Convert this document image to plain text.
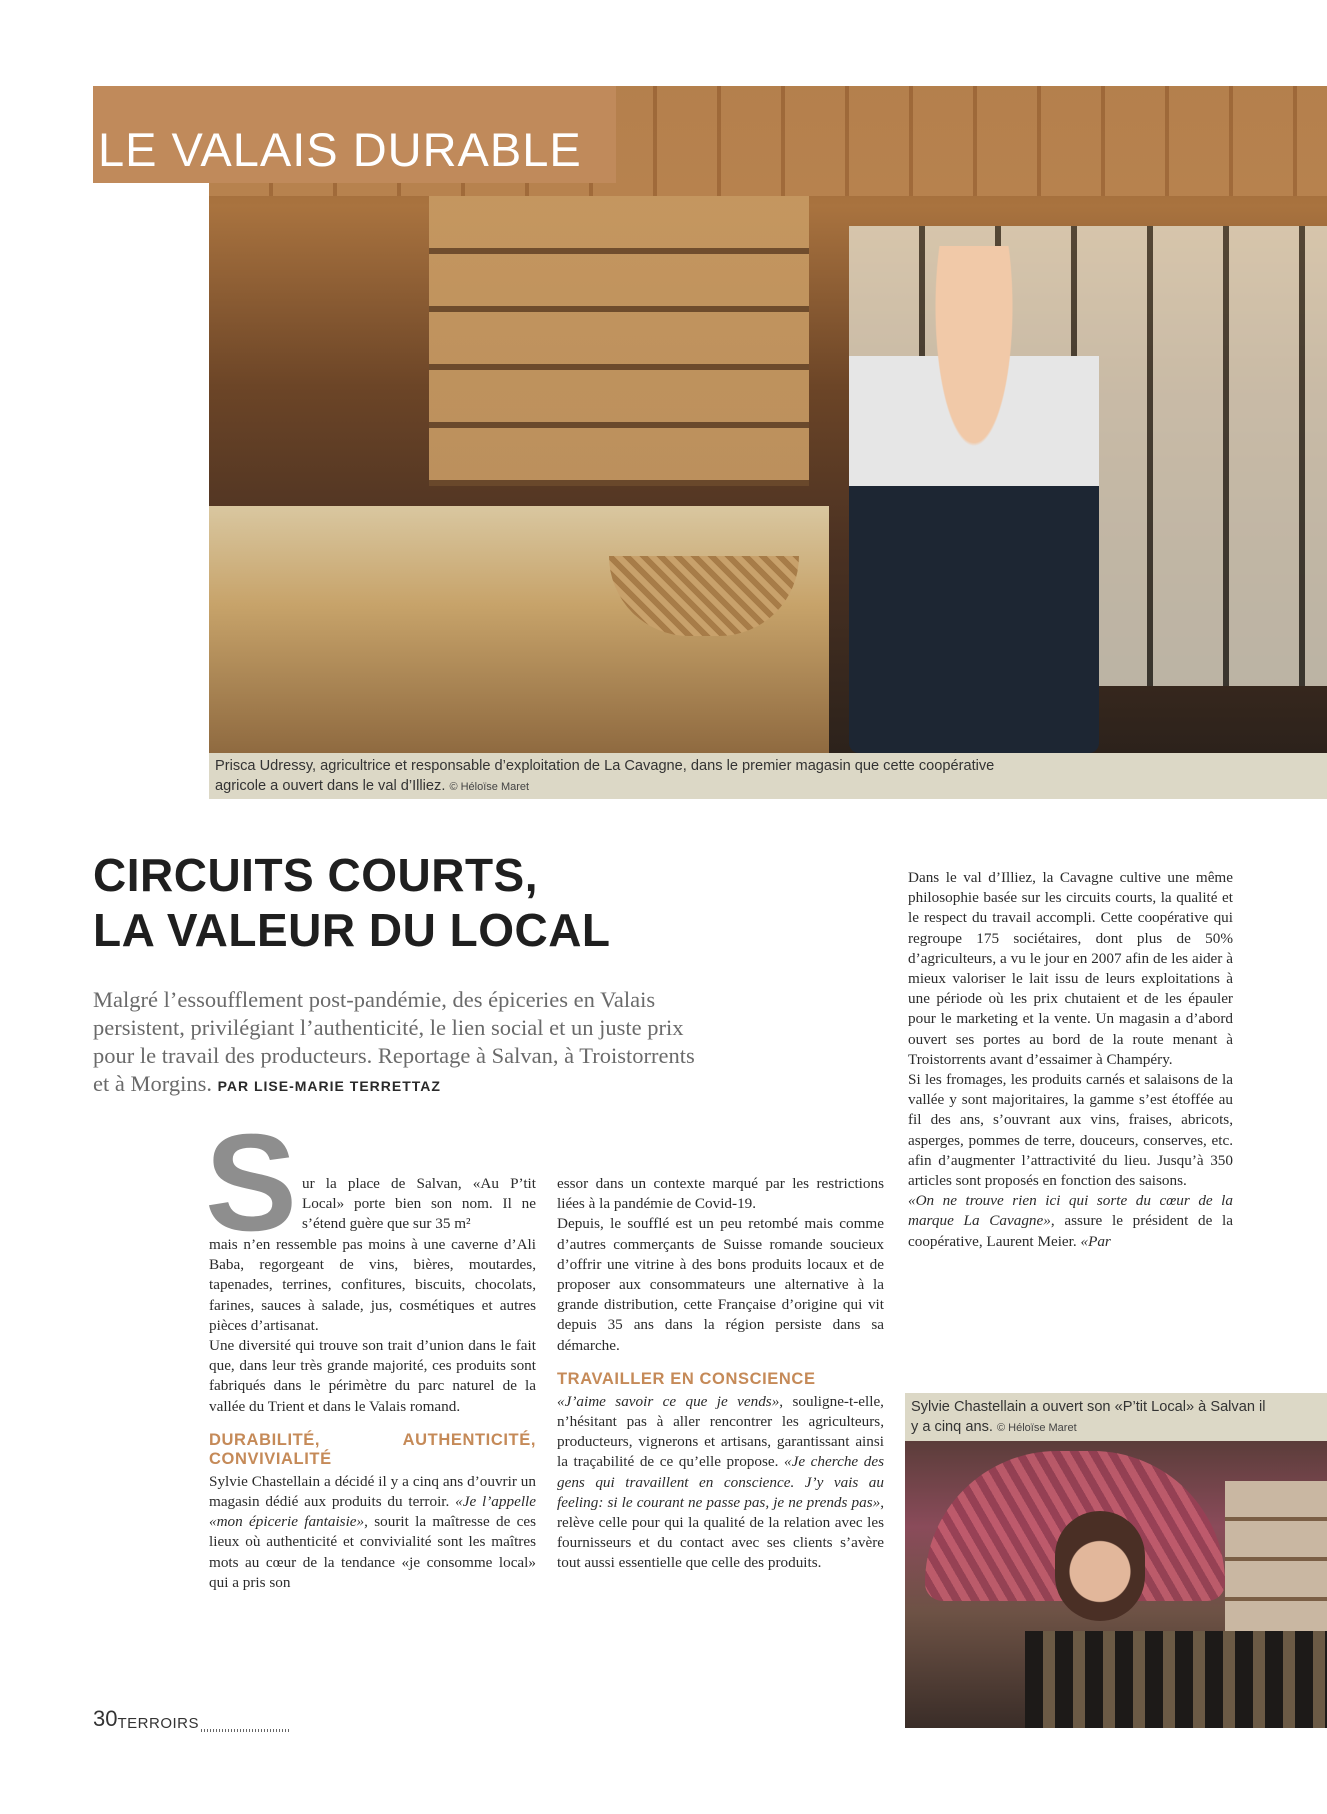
LE VALAIS DURABLE
Prisca Udressy, agricultrice et responsable d’exploitation de La Cavagne, dans le premier magasin que cette coopérative agricole a ouvert dans le val d’Illiez. © Héloïse Maret
CIRCUITS COURTS,
LA VALEUR DU LOCAL
Malgré l’essoufflement post-pandémie, des épiceries en Valais persistent, privilégiant l’authenticité, le lien social et un juste prix pour le travail des producteurs. Reportage à Salvan, à Troistorrents et à Morgins. PAR LISE-MARIE TERRETTAZ
S ur la place de Salvan, «Au P’tit Local» porte bien son nom. Il ne s’étend guère que sur 35 m²

mais n’en ressemble pas moins à une caverne d’Ali Baba, regorgeant de vins, bières, moutardes, tapenades, terrines, confitures, biscuits, chocolats, farines, sauces à salade, jus, cosmétiques et autres pièces d’artisanat.

Une diversité qui trouve son trait d’union dans le fait que, dans leur très grande majorité, ces produits sont fabriqués dans le périmètre du parc naturel de la vallée du Trient et dans le Valais romand.

DURABILITÉ, AUTHENTICITÉ, CONVIVIALITÉ

Sylvie Chastellain a décidé il y a cinq ans d’ouvrir un magasin dédié aux produits du terroir. «Je l’appelle «mon épicerie fantaisie», sourit la maîtresse de ces lieux où authenticité et convivialité sont les maîtres mots au cœur de la tendance «je consomme local» qui a pris son

essor dans un contexte marqué par les restrictions liées à la pandémie de Covid-19.

Depuis, le soufflé est un peu retombé mais comme d’autres commerçants de Suisse romande soucieux d’offrir une vitrine à des bons produits locaux et de proposer aux consommateurs une alternative à la grande distribution, cette Française d’origine qui vit depuis 35 ans dans la région persiste dans sa démarche.

TRAVAILLER EN CONSCIENCE

«J’aime savoir ce que je vends», souligne-t-elle, n’hésitant pas à aller rencontrer les agriculteurs, producteurs, vignerons et artisans, garantissant ainsi la traçabilité de ce qu’elle propose. «Je cherche des gens qui travaillent en conscience. J’y vais au feeling: si le courant ne passe pas, je ne prends pas», relève celle pour qui la qualité de la relation avec les fournisseurs et du contact avec ses clients s’avère tout aussi essentielle que celle des produits.

Dans le val d’Illiez, la Cavagne cultive une même philosophie basée sur les circuits courts, la qualité et le respect du travail accompli. Cette coopérative qui regroupe 175 sociétaires, dont plus de 50% d’agriculteurs, a vu le jour en 2007 afin de les aider à mieux valoriser le lait issu de leurs exploitations à une période où les prix chutaient et de les épauler pour le marketing et la vente. Un magasin a d’abord ouvert ses portes au bord de la route menant à Troistorrents avant d’essaimer à Champéry.

Si les fromages, les produits carnés et salaisons de la vallée y sont majoritaires, la gamme s’est étoffée au fil des ans, s’ouvrant aux vins, fraises, abricots, asperges, pommes de terre, douceurs, conserves, etc. afin d’augmenter l’attractivité du lieu. Jusqu’à 350 articles sont proposés en fonction des saisons.

«On ne trouve rien ici qui sorte du cœur de la marque La Cavagne», assure le président de la coopérative, Laurent Meier. «Par

Sylvie Chastellain a ouvert son «P’tit Local» à Salvan il y a cinq ans. © Héloïse Maret
30TERROIRS
